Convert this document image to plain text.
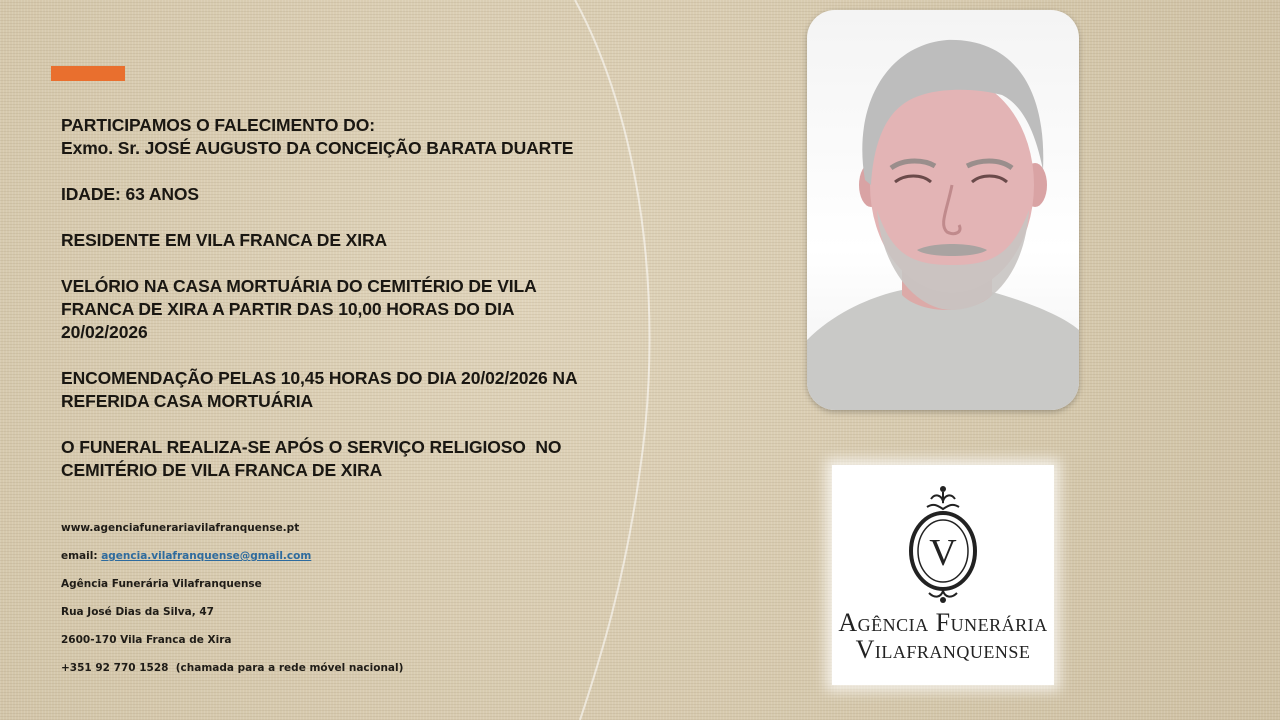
PARTICIPAMOS O FALECIMENTO DO:
Exmo. Sr. JOSÉ AUGUSTO DA CONCEIÇÃO BARATA DUARTE

IDADE: 63 ANOS

RESIDENTE EM VILA FRANCA DE XIRA

VELÓRIO NA CASA MORTUÁRIA DO CEMITÉRIO DE VILA
FRANCA DE XIRA A PARTIR DAS 10,00 HORAS DO DIA
20/02/2026

ENCOMENDAÇÃO PELAS 10,45 HORAS DO DIA 20/02/2026 NA
REFERIDA CASA MORTUÁRIA

O FUNERAL REALIZA-SE APÓS O SERVIÇO RELIGIOSO  NO
CEMITÉRIO DE VILA FRANCA DE XIRA

www.agenciafunerariavilafranquense.pt
email: agencia.vilafranquense@gmail.com
Agência Funerária Vilafranquense
Rua José Dias da Silva, 47
2600-170 Vila Franca de Xira
+351 92 770 1528  (chamada para a rede móvel nacional)
V
Agência Funerária
Vilafranquense
